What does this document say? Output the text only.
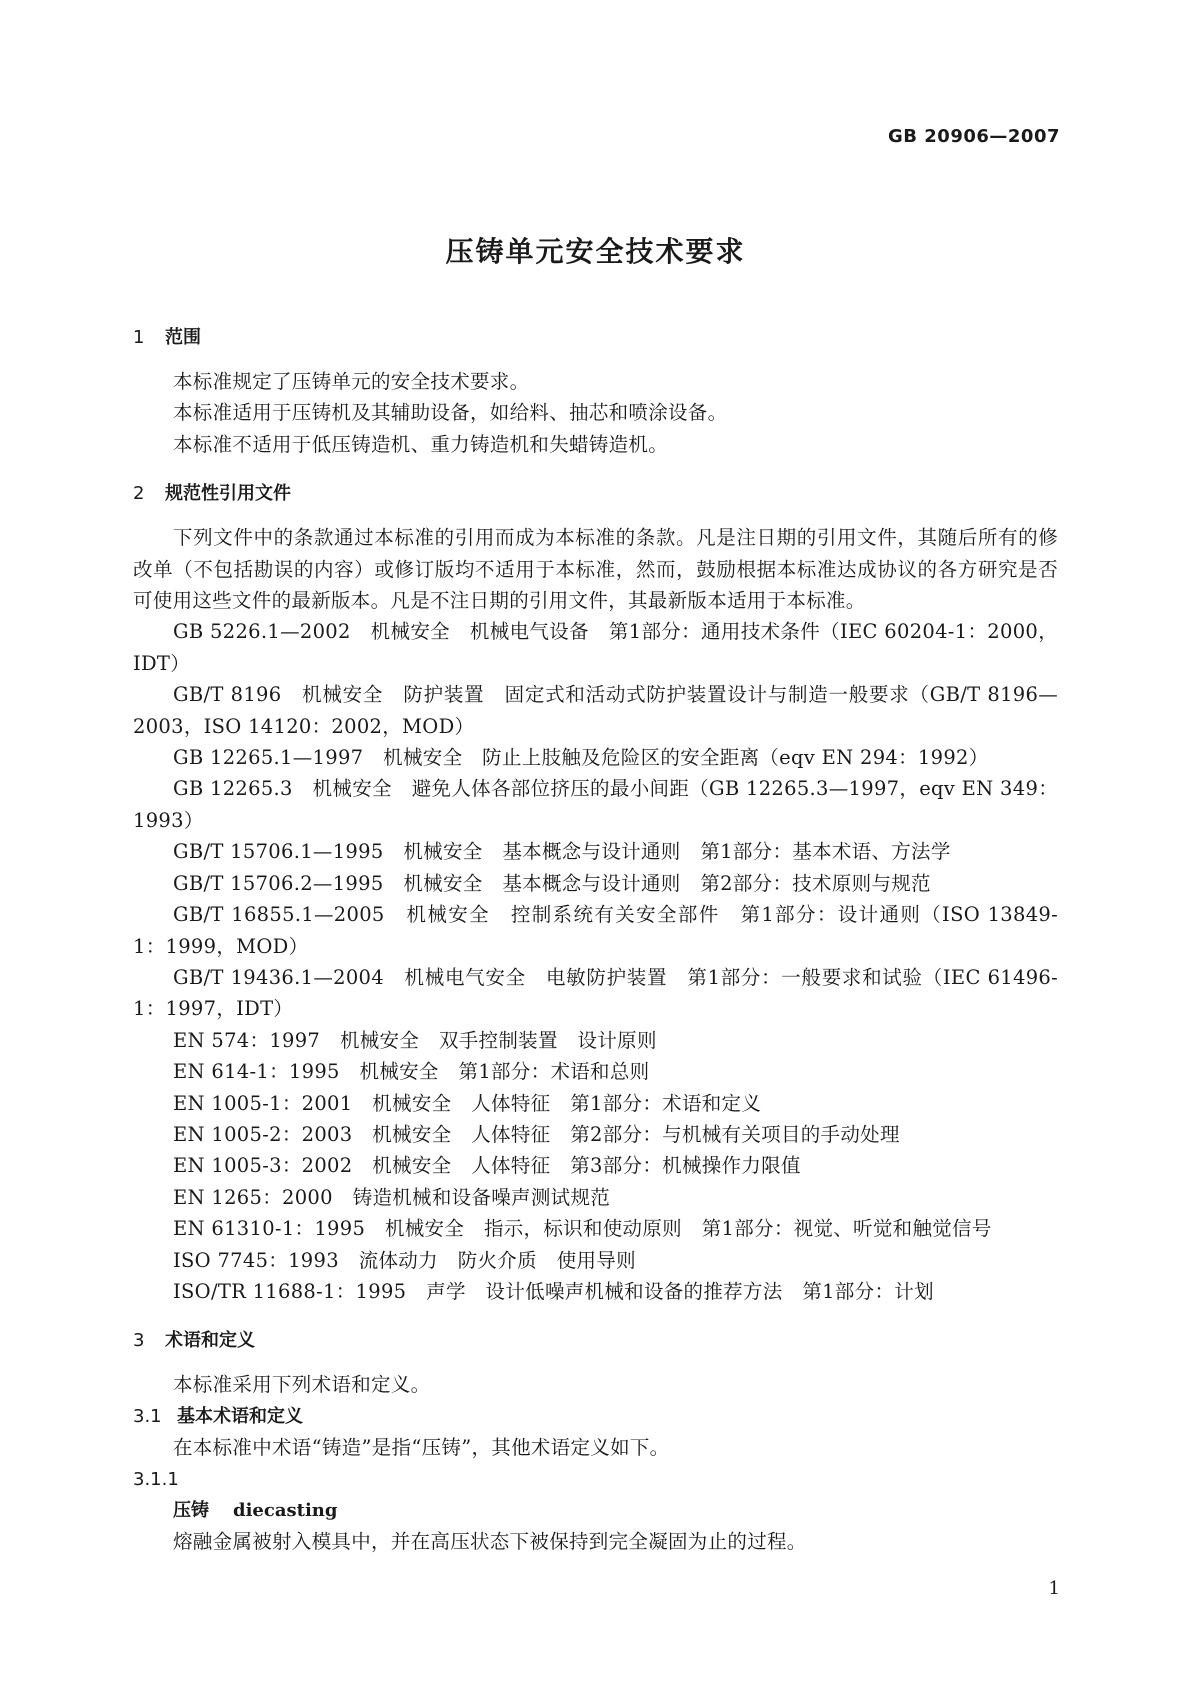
GB 20906—2007
压铸单元安全技术要求
1 范围

本标准规定了压铸单元的安全技术要求。

本标准适用于压铸机及其辅助设备，如给料、抽芯和喷涂设备。

本标准不适用于低压铸造机、重力铸造机和失蜡铸造机。

2 规范性引用文件

下列文件中的条款通过本标准的引用而成为本标准的条款。凡是注日期的引用文件，其随后所有的修改单（不包括勘误的内容）或修订版均不适用于本标准，然而，鼓励根据本标准达成协议的各方研究是否可使用这些文件的最新版本。凡是不注日期的引用文件，其最新版本适用于本标准。

GB 5226.1—2002　机械安全　机械电气设备　第1部分：通用技术条件（IEC 60204-1：2000，IDT）

GB/T 8196　机械安全　防护装置　固定式和活动式防护装置设计与制造一般要求（GB/T 8196—2003，ISO 14120：2002，MOD）

GB 12265.1—1997　机械安全　防止上肢触及危险区的安全距离（eqv EN 294：1992）

GB 12265.3　机械安全　避免人体各部位挤压的最小间距（GB 12265.3—1997，eqv EN 349：1993）

GB/T 15706.1—1995　机械安全　基本概念与设计通则　第1部分：基本术语、方法学

GB/T 15706.2—1995　机械安全　基本概念与设计通则　第2部分：技术原则与规范

GB/T 16855.1—2005　机械安全　控制系统有关安全部件　第1部分：设计通则（ISO 13849-1：1999，MOD）

GB/T 19436.1—2004　机械电气安全　电敏防护装置　第1部分：一般要求和试验（IEC 61496-1：1997，IDT）

EN 574：1997　机械安全　双手控制装置　设计原则

EN 614-1：1995　机械安全　第1部分：术语和总则

EN 1005-1：2001　机械安全　人体特征　第1部分：术语和定义

EN 1005-2：2003　机械安全　人体特征　第2部分：与机械有关项目的手动处理

EN 1005-3：2002　机械安全　人体特征　第3部分：机械操作力限值

EN 1265：2000　铸造机械和设备噪声测试规范

EN 61310-1：1995　机械安全　指示，标识和使动原则　第1部分：视觉、听觉和触觉信号

ISO 7745：1993　流体动力　防火介质　使用导则

ISO/TR 11688-1：1995　声学　设计低噪声机械和设备的推荐方法　第1部分：计划

3 术语和定义

本标准采用下列术语和定义。

3.1 基本术语和定义

在本标准中术语“铸造”是指“压铸”，其他术语定义如下。

3.1.1
压铸 diecasting

熔融金属被射入模具中，并在高压状态下被保持到完全凝固为止的过程。

1
